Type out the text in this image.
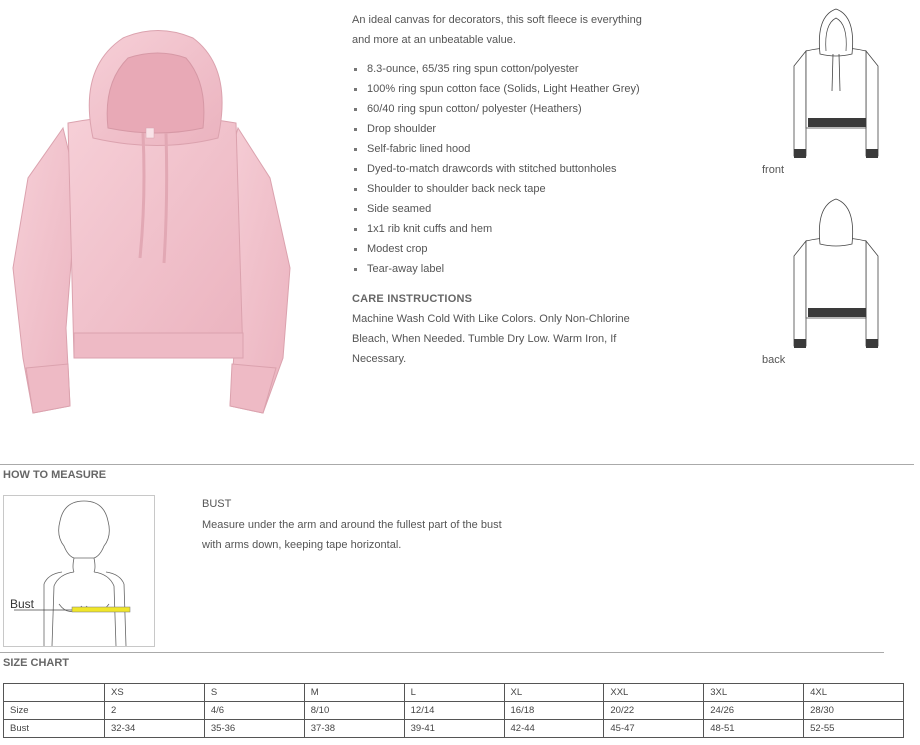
An ideal canvas for decorators, this soft fleece is everything and more at an unbeatable value.

8.3-ounce, 65/35 ring spun cotton/polyester
100% ring spun cotton face (Solids, Light Heather Grey)
60/40 ring spun cotton/ polyester (Heathers)
Drop shoulder
Self-fabric lined hood
Dyed-to-match drawcords with stitched buttonholes
Shoulder to shoulder back neck tape
Side seamed
1x1 rib knit cuffs and hem
Modest crop
Tear-away label
CARE INSTRUCTIONS
Machine Wash Cold With Like Colors. Only Non-Chlorine Bleach, When Needed. Tumble Dry Low. Warm Iron, If Necessary.
front
back
HOW TO MEASURE
Bust
BUST
Measure under the arm and around the fullest part of the bust with arms down, keeping tape horizontal.
SIZE CHART
	XS	S	M	L	XL	XXL	3XL	4XL
Size	2	4/6	8/10	12/14	16/18	20/22	24/26	28/30
Bust	32-34	35-36	37-38	39-41	42-44	45-47	48-51	52-55
